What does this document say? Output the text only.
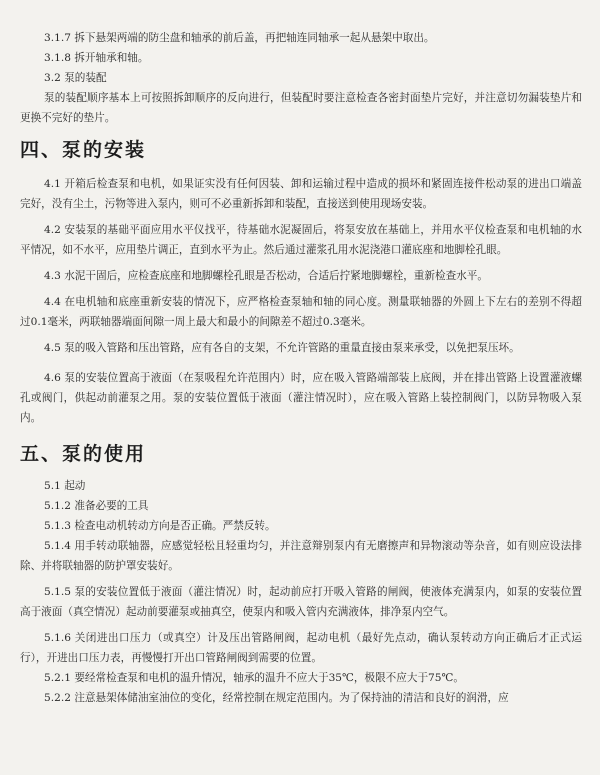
3.1.7 拆下悬架两端的防尘盘和轴承的前后盖，再把轴连同轴承一起从悬架中取出。

3.1.8 拆开轴承和轴。

3.2 泵的装配

泵的装配顺序基本上可按照拆卸顺序的反向进行，但装配时要注意检查各密封面垫片完好，并注意切勿漏装垫片和更换不完好的垫片。

四、泵的安装

4.1 开箱后检查泵和电机，如果证实没有任何因装、卸和运输过程中造成的损坏和紧固连接件松动泵的进出口端盖完好，没有尘土，污物等进入泵内，则可不必重新拆卸和装配，直接送到使用现场安装。

4.2 安装泵的基础平面应用水平仪找平，待基础水泥凝固后，将泵安放在基础上，并用水平仪检查泵和电机轴的水平情况，如不水平，应用垫片调正，直到水平为止。然后通过灌浆孔用水泥浇港口灌底座和地脚栓孔眼。

4.3 水泥干固后，应检查底座和地脚螺栓孔眼是否松动，合适后拧紧地脚螺栓，重新检查水平。

4.4 在电机轴和底座重新安装的情况下，应严格检查泵轴和轴的同心度。测量联轴器的外圆上下左右的差别不得超过0.1毫米，两联轴器端面间隙一周上最大和最小的间隙差不超过0.3毫米。

4.5 泵的吸入管路和压出管路，应有各自的支架，不允许管路的重量直接由泵来承受，以免把泵压坏。

4.6 泵的安装位置高于液面（在泵吸程允许范围内）时，应在吸入管路端部装上底阀，并在排出管路上设置灌液螺孔或阀门，供起动前灌泵之用。泵的安装位置低于液面（灌注情况时），应在吸入管路上装控制阀门，以防异物吸入泵内。

五、泵的使用

5.1 起动

5.1.2 准备必要的工具

5.1.3 检查电动机转动方向是否正确。严禁反转。

5.1.4 用手转动联轴器，应感觉轻松且轻重均匀，并注意辩别泵内有无磨擦声和异物滚动等杂音，如有则应设法排除、并将联轴器的防护罩安装好。

5.1.5 泵的安装位置低于液面（灌注情况）时，起动前应打开吸入管路的闸阀，使液体充满泵内，如泵的安装位置高于液面（真空情况）起动前要灌泵或抽真空，使泵内和吸入管内充满液体，排净泵内空气。

5.1.6 关闭进出口压力（或真空）计及压出管路闸阀，起动电机（最好先点动，确认泵转动方向正确后才正式运行），开进出口压力表，再慢慢打开出口管路闸阀到需要的位置。

5.2.1 要经常检查泵和电机的温升情况，轴承的温升不应大于35℃，极限不应大于75℃。

5.2.2 注意悬架体储油室油位的变化，经常控制在规定范围内。为了保持油的清洁和良好的润滑，应
